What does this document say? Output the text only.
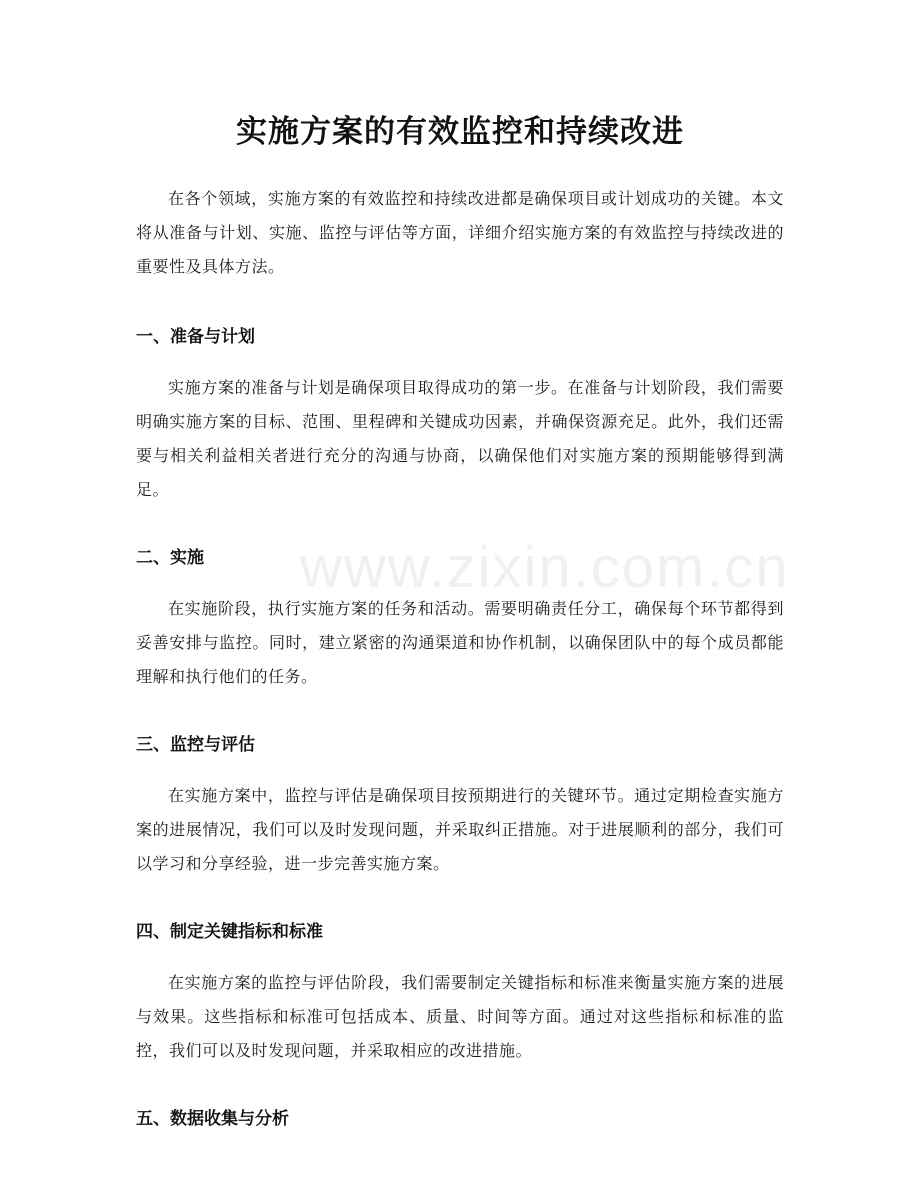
实施方案的有效监控和持续改进

在各个领域，实施方案的有效监控和持续改进都是确保项目或计划成功的关键。本文将从准备与计划、实施、监控与评估等方面，详细介绍实施方案的有效监控与持续改进的重要性及具体方法。

一、准备与计划

实施方案的准备与计划是确保项目取得成功的第一步。在准备与计划阶段，我们需要明确实施方案的目标、范围、里程碑和关键成功因素，并确保资源充足。此外，我们还需要与相关利益相关者进行充分的沟通与协商，以确保他们对实施方案的预期能够得到满足。

二、实施

在实施阶段，执行实施方案的任务和活动。需要明确责任分工，确保每个环节都得到妥善安排与监控。同时，建立紧密的沟通渠道和协作机制，以确保团队中的每个成员都能理解和执行他们的任务。

三、监控与评估

在实施方案中，监控与评估是确保项目按预期进行的关键环节。通过定期检查实施方案的进展情况，我们可以及时发现问题，并采取纠正措施。对于进展顺利的部分，我们可以学习和分享经验，进一步完善实施方案。

四、制定关键指标和标准

在实施方案的监控与评估阶段，我们需要制定关键指标和标准来衡量实施方案的进展与效果。这些指标和标准可包括成本、质量、时间等方面。通过对这些指标和标准的监控，我们可以及时发现问题，并采取相应的改进措施。

五、数据收集与分析
www.zixin.com.cn
